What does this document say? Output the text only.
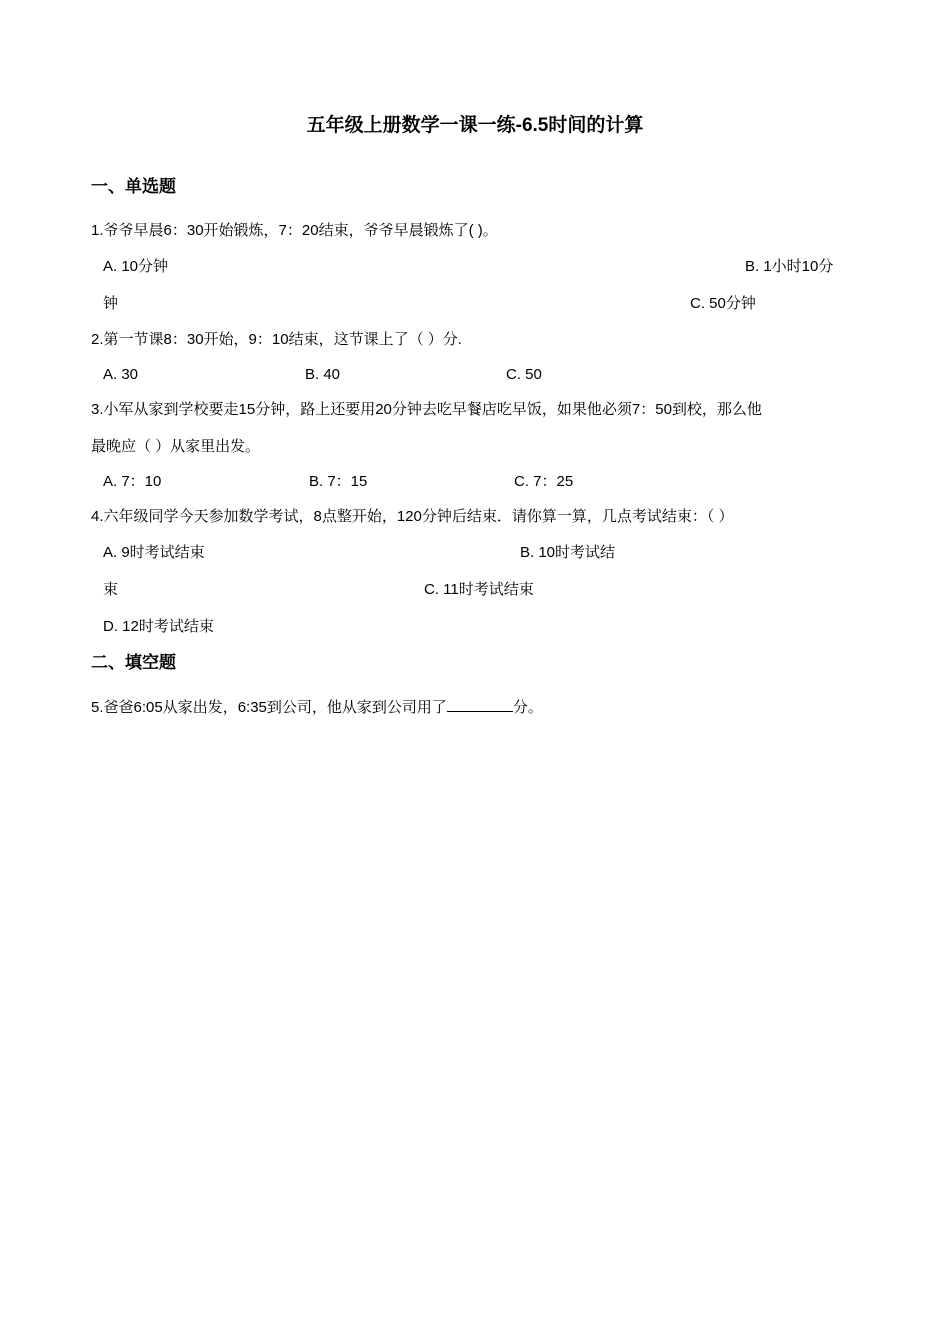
五年级上册数学一课一练-6.5时间的计算
一、单选题
1.爷爷早晨6：30开始锻炼，7：20结束，爷爷早晨锻炼了( )。
A. 10分钟	B. 1小时10分
钟	C. 50分钟
2.第一节课8：30开始，9：10结束，这节课上了（ ）分.
A. 30	B. 40	C. 50
3.小军从家到学校要走15分钟，路上还要用20分钟去吃早餐店吃早饭，如果他必须7：50到校，那么他
最晚应（ ）从家里出发。
A. 7：10	B. 7：15	C. 7：25
4.六年级同学今天参加数学考试，8点整开始，120分钟后结束．请你算一算，几点考试结束：（ ）
A. 9时考试结束	B. 10时考试结
束	C. 11时考试结束
D. 12时考试结束
二、填空题
5.爸爸6:05从家出发，6:35到公司，他从家到公司用了	分。
